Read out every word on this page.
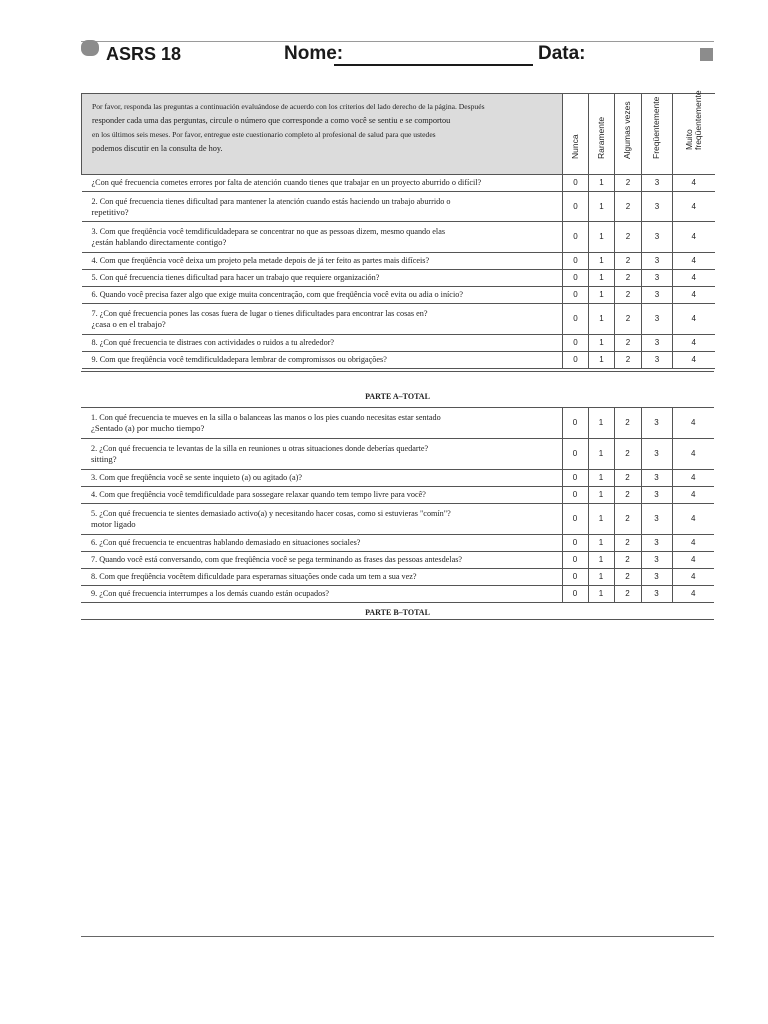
ASRS 18	Nome:	Data:
Por favor, responda las preguntas a continuación evaluándose de acuerdo con los criterios del lado derecho de la página. Después
responder cada uma das perguntas, circule o número que corresponde a como você se sentiu e se comportou
en los últimos seis meses. Por favor, entregue este cuestionario completo al profesional de salud para que ustedes
podemos discutir en la consulta de hoy.	Nunca	Raramente	Algumas vezes	Freqüentemente	Muito freqüentemente

¿Con qué frecuencia cometes errores por falta de atención cuando tienes que trabajar en un proyecto aburrido o difícil?	0	1	2	3	4

2. Con qué frecuencia tienes dificultad para mantener la atención cuando estás haciendo un trabajo aburrido o
repetitivo?	0	1	2	3	4

3. Com que freqüência você temdificuldadepara se concentrar no que as pessoas dizem, mesmo quando elas
¿están hablando directamente contigo?	0	1	2	3	4

4. Com que freqüência você deixa um projeto pela metade depois de já ter feito as partes mais difíceis?	0	1	2	3	4

5. Con qué frecuencia tienes dificultad para hacer un trabajo que requiere organización?	0	1	2	3	4

6. Quando você precisa fazer algo que exige muita concentração, com que freqüência você evita ou adia o início?	0	1	2	3	4

7. ¿Con qué frecuencia pones las cosas fuera de lugar o tienes dificultades para encontrar las cosas en?
¿casa o en el trabajo?	0	1	2	3	4

8. ¿Con qué frecuencia te distraes con actividades o ruidos a tu alrededor?	0	1	2	3	4

9. Com que freqüência você temdificuldadepara lembrar de compromissos ou obrigações?	0	1	2	3	4
PARTE A–TOTAL
1. Con qué frecuencia te mueves en la silla o balanceas las manos o los pies cuando necesitas estar sentado
¿Sentado (a) por mucho tiempo?	0	1	2	3	4

2. ¿Con qué frecuencia te levantas de la silla en reuniones u otras situaciones donde deberías quedarte?
sitting?	0	1	2	3	4

3. Com que freqüência você se sente inquieto (a) ou agitado (a)?	0	1	2	3	4

4. Com que freqüência você temdificuldade para sossegare relaxar quando tem tempo livre para você?	0	1	2	3	4

5. ¿Con qué frecuencia te sientes demasiado activo(a) y necesitando hacer cosas, como si estuvieras "comín"?
motor ligado	0	1	2	3	4

6. ¿Con qué frecuencia te encuentras hablando demasiado en situaciones sociales?	0	1	2	3	4

7. Quando você está conversando, com que freqüência você se pega terminando as frases das pessoas antesdelas?	0	1	2	3	4

8. Com que freqüência vocêtem dificuldade para esperarnas situações onde cada um tem a sua vez?	0	1	2	3	4

9. ¿Con qué frecuencia interrumpes a los demás cuando están ocupados?	0	1	2	3	4
PARTE B–TOTAL
